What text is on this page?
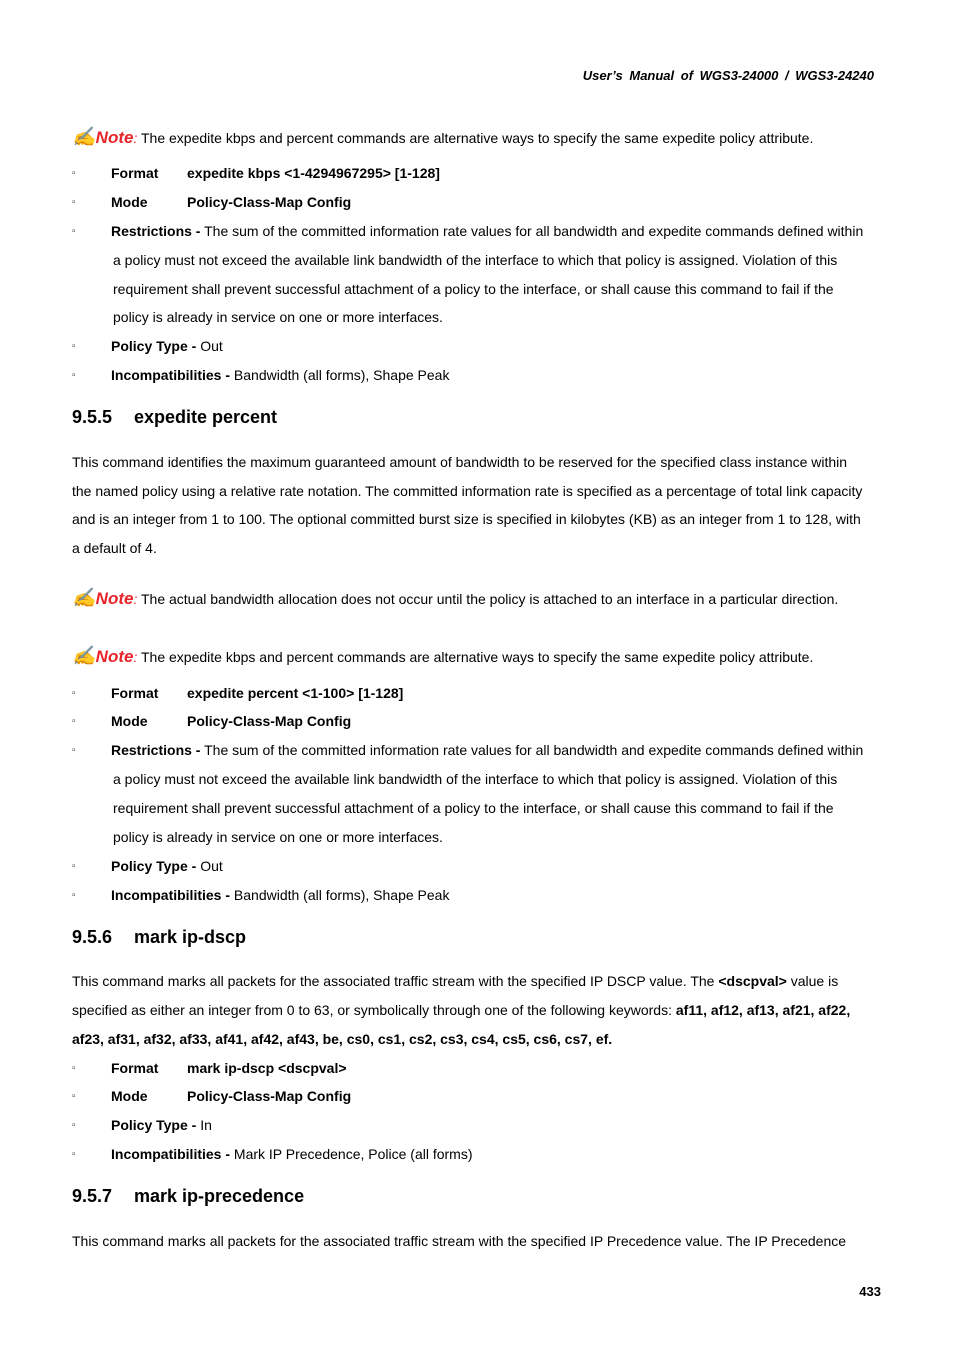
User’s Manual of WGS3-24000 / WGS3-24240
✍Note: The expedite kbps and percent commands are alternative ways to specify the same expedite policy attribute.
▫	Format expedite kbps <1-4294967295> [1-128]
▫	Mode	Policy-Class-Map Config
▫	Restrictions - The sum of the committed information rate values for all bandwidth and expedite commands defined within
a policy must not exceed the available link bandwidth of the interface to which that policy is assigned. Violation of this
requirement shall prevent successful attachment of a policy to the interface, or shall cause this command to fail if the
policy is already in service on one or more interfaces.
▫	Policy Type - Out
▫	Incompatibilities - Bandwidth (all forms), Shape Peak
9.5.5 expedite percent
This command identifies the maximum guaranteed amount of bandwidth to be reserved for the specified class instance within
the named policy using a relative rate notation. The committed information rate is specified as a percentage of total link capacity
and is an integer from 1 to 100. The optional committed burst size is specified in kilobytes (KB) as an integer from 1 to 128, with
a default of 4.
✍Note: The actual bandwidth allocation does not occur until the policy is attached to an interface in a particular direction.
✍Note: The expedite kbps and percent commands are alternative ways to specify the same expedite policy attribute.
▫	Format expedite percent <1-100> [1-128]
▫	Mode	Policy-Class-Map Config
▫	Restrictions - The sum of the committed information rate values for all bandwidth and expedite commands defined within
a policy must not exceed the available link bandwidth of the interface to which that policy is assigned. Violation of this
requirement shall prevent successful attachment of a policy to the interface, or shall cause this command to fail if the
policy is already in service on one or more interfaces.
▫	Policy Type - Out
▫	Incompatibilities - Bandwidth (all forms), Shape Peak
9.5.6 mark ip-dscp
This command marks all packets for the associated traffic stream with the specified IP DSCP value. The <dscpval> value is
specified as either an integer from 0 to 63, or symbolically through one of the following keywords: af11, af12, af13, af21, af22,
af23, af31, af32, af33, af41, af42, af43, be, cs0, cs1, cs2, cs3, cs4, cs5, cs6, cs7, ef.
▫	Format mark ip-dscp <dscpval>
▫	Mode	Policy-Class-Map Config
▫	Policy Type - In
▫	Incompatibilities - Mark IP Precedence, Police (all forms)
9.5.7 mark ip-precedence
This command marks all packets for the associated traffic stream with the specified IP Precedence value. The IP Precedence
433
